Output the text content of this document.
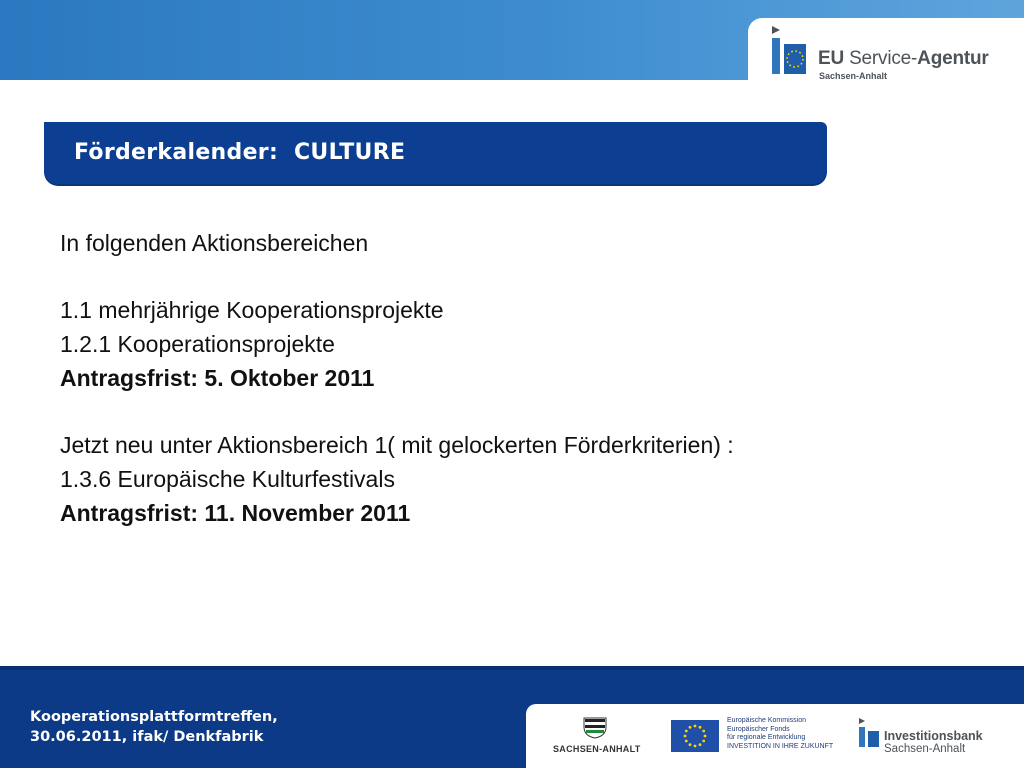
EU Service-Agentur
Sachsen-Anhalt
Förderkalender:  CULTURE
In folgenden Aktionsbereichen
1.1 mehrjährige Kooperationsprojekte
1.2.1 Kooperationsprojekte
Antragsfrist: 5. Oktober 2011
Jetzt neu unter Aktionsbereich 1( mit gelockerten Förderkriterien) :
1.3.6 Europäische Kulturfestivals
Antragsfrist: 11. November 2011
Kooperationsplattformtreffen,
30.06.2011, ifak/ Denkfabrik
SACHSEN-ANHALT
Europäische Kommission
Europäischer Fonds
für regionale Entwicklung
INVESTITION IN IHRE ZUKUNFT
Investitionsbank
Sachsen-Anhalt
